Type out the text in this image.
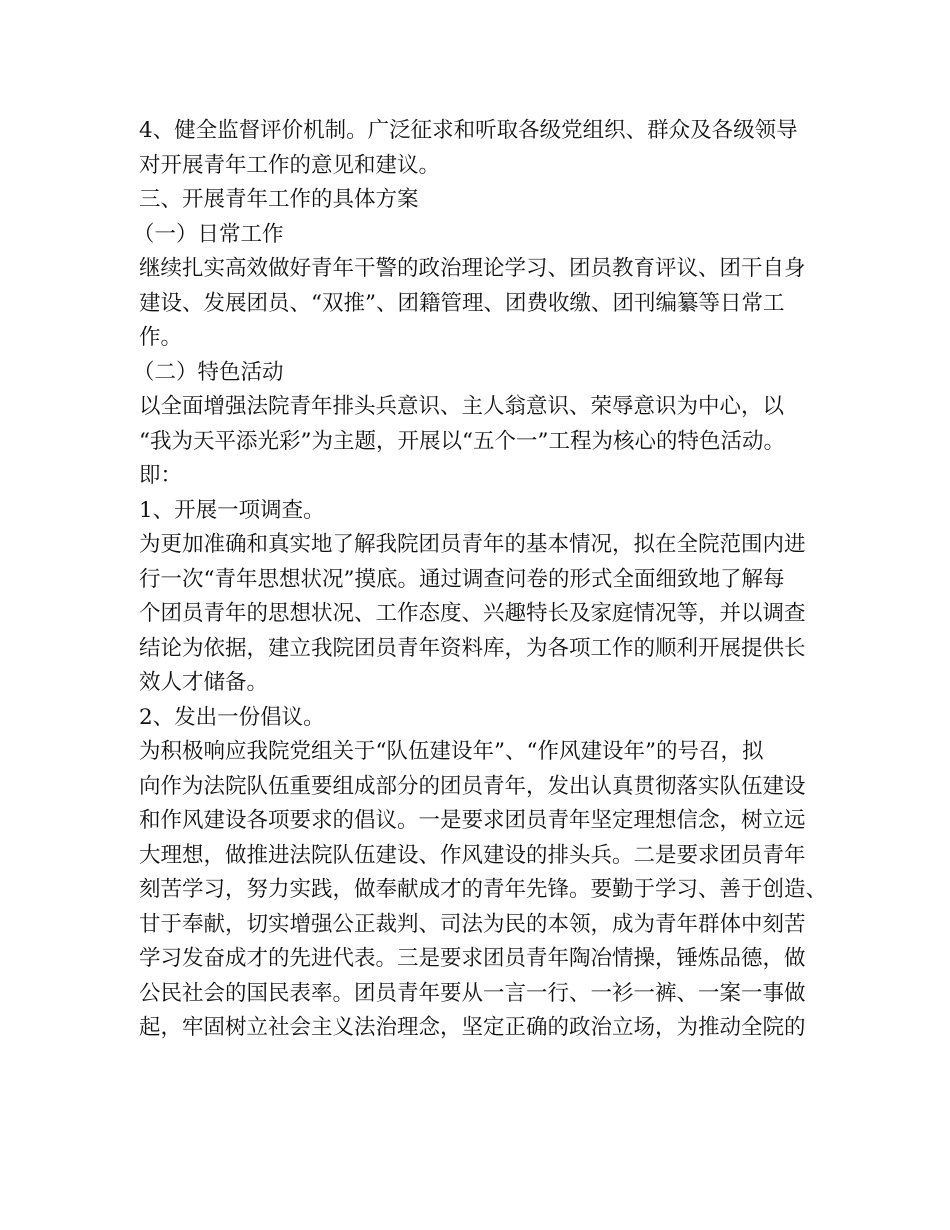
4、健全监督评价机制。广泛征求和听取各级党组织、群众及各级领导
对开展青年工作的意见和建议。
三、开展青年工作的具体方案
（一）日常工作
继续扎实高效做好青年干警的政治理论学习、团员教育评议、团干自身
建设、发展团员、“双推”、团籍管理、团费收缴、团刊编纂等日常工
作。
（二）特色活动
以全面增强法院青年排头兵意识、主人翁意识、荣辱意识为中心，以
“我为天平添光彩”为主题，开展以“五个一”工程为核心的特色活动。
即：
1、开展一项调查。
为更加准确和真实地了解我院团员青年的基本情况，拟在全院范围内进
行一次“青年思想状况”摸底。通过调查问卷的形式全面细致地了解每
个团员青年的思想状况、工作态度、兴趣特长及家庭情况等，并以调查
结论为依据，建立我院团员青年资料库，为各项工作的顺利开展提供长
效人才储备。
2、发出一份倡议。
为积极响应我院党组关于“队伍建设年”、“作风建设年”的号召，拟
向作为法院队伍重要组成部分的团员青年，发出认真贯彻落实队伍建设
和作风建设各项要求的倡议。一是要求团员青年坚定理想信念，树立远
大理想，做推进法院队伍建设、作风建设的排头兵。二是要求团员青年
刻苦学习，努力实践，做奉献成才的青年先锋。要勤于学习、善于创造、
甘于奉献，切实增强公正裁判、司法为民的本领，成为青年群体中刻苦
学习发奋成才的先进代表。三是要求团员青年陶冶情操，锤炼品德，做
公民社会的国民表率。团员青年要从一言一行、一衫一裤、一案一事做
起，牢固树立社会主义法治理念，坚定正确的政治立场，为推动全院的
